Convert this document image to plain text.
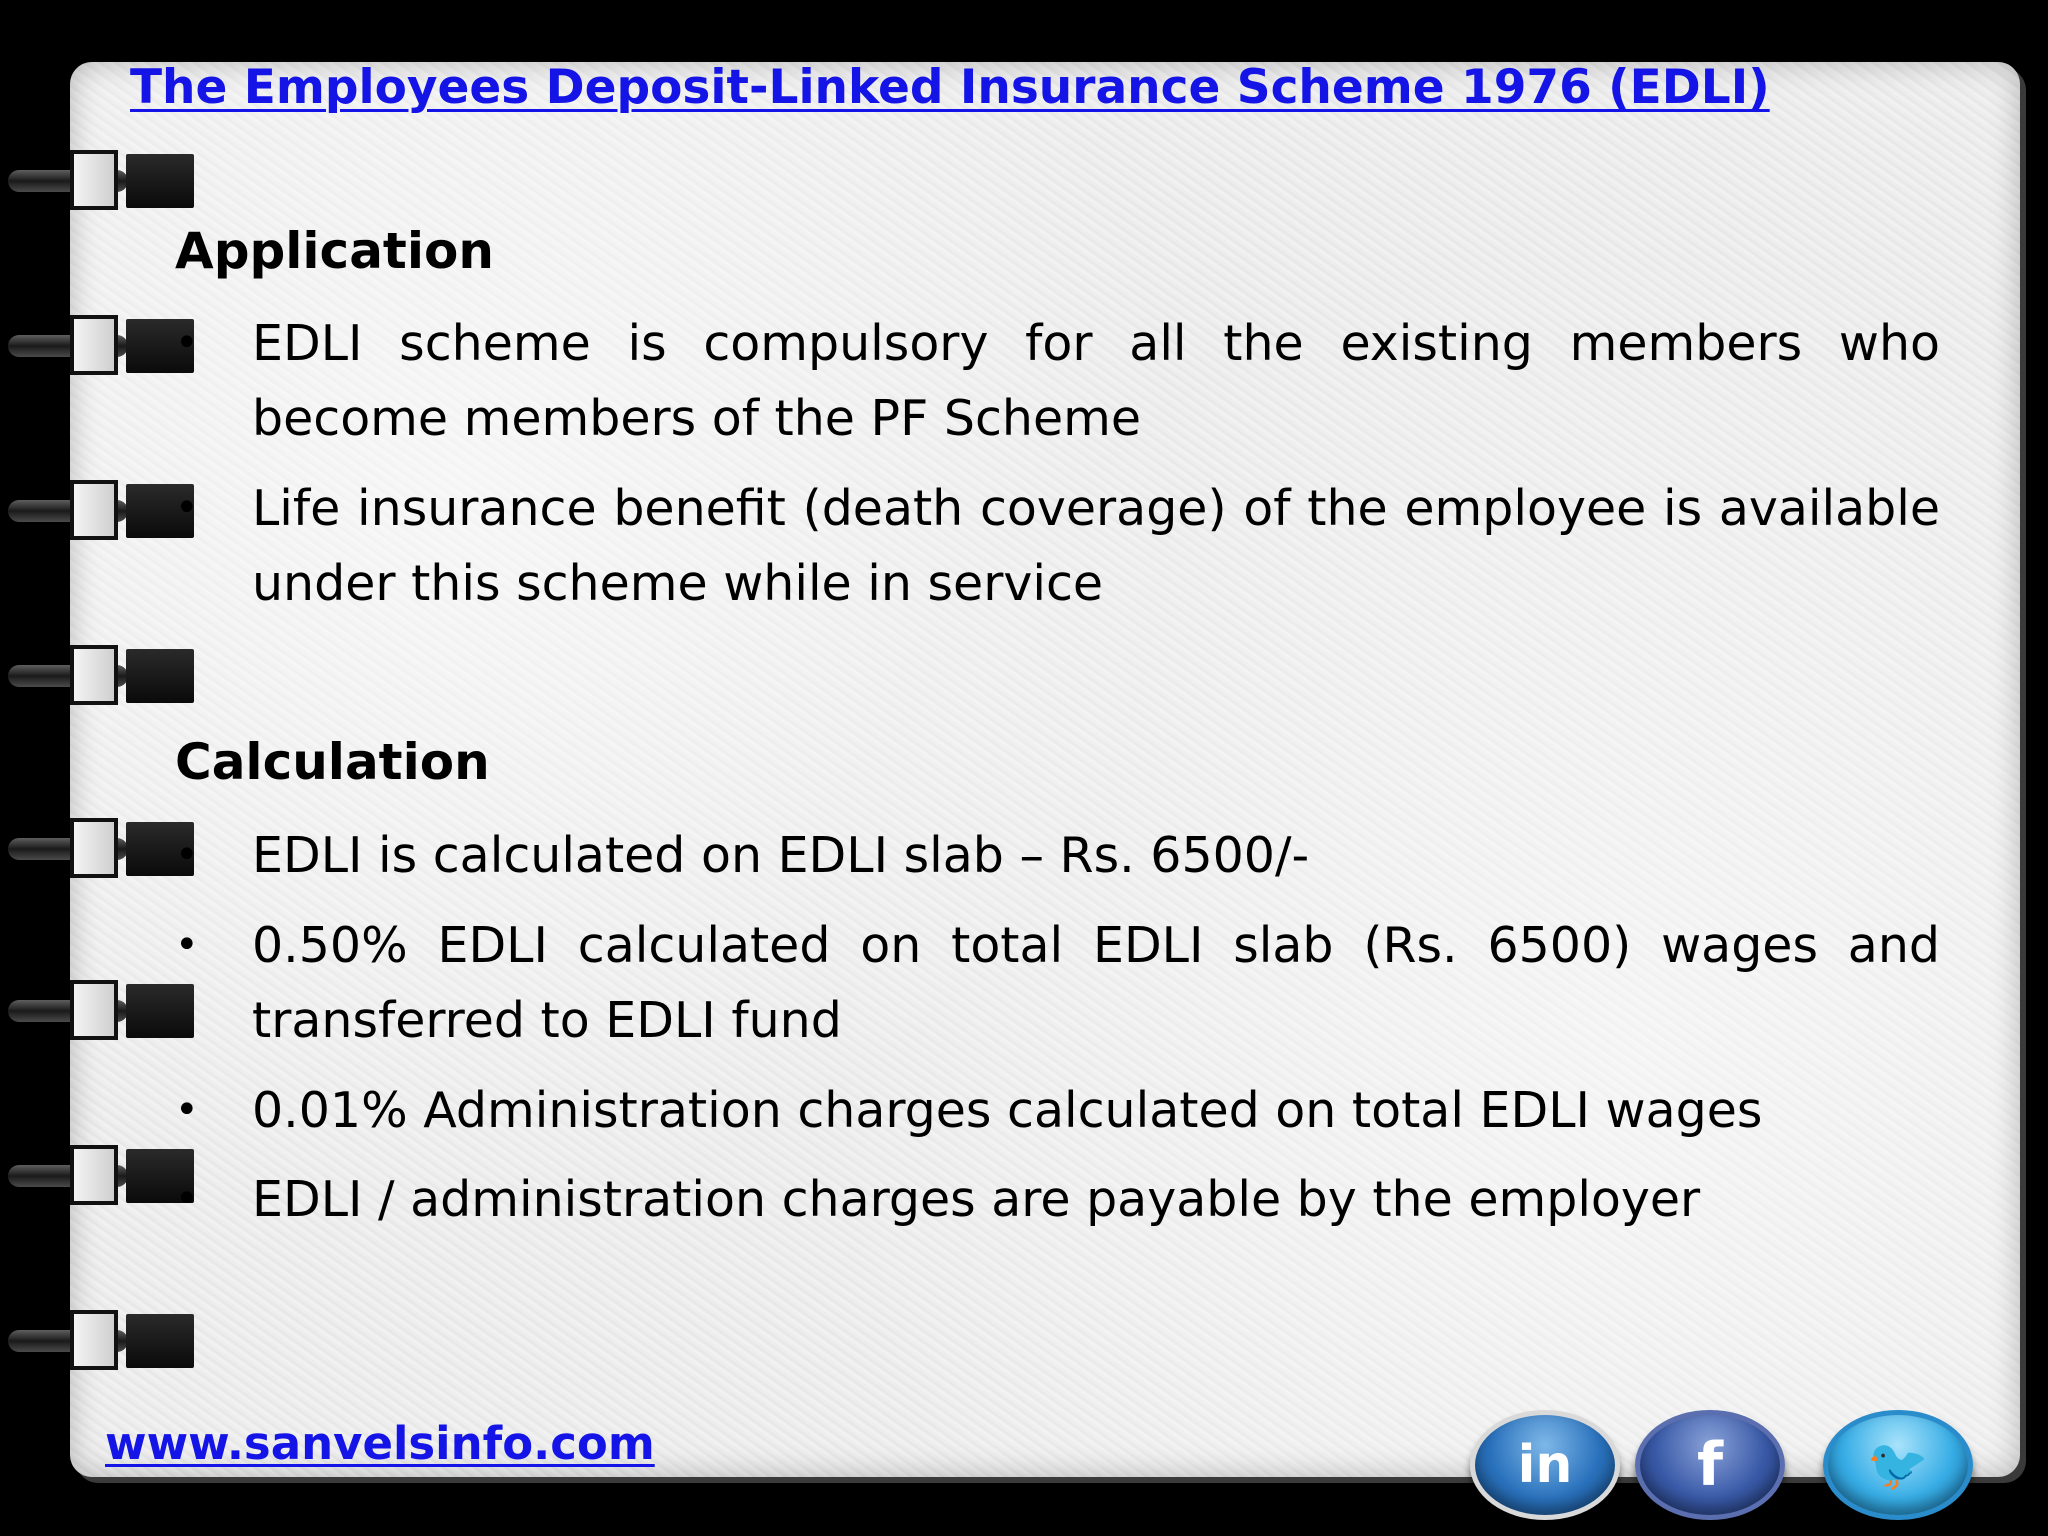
The Employees Deposit-Linked Insurance Scheme 1976 (EDLI)
Application
• EDLI scheme is compulsory for all the existing members who become members of the PF Scheme
• Life insurance benefit (death coverage) of the employee is available under this scheme while in service
Calculation
• EDLI is calculated on EDLI slab – Rs. 6500/-
• 0.50% EDLI calculated on total EDLI slab (Rs. 6500) wages and transferred to EDLI fund
• 0.01% Administration charges calculated on total EDLI wages
• EDLI / administration charges are payable by the employer
www.sanvelsinfo.com	in f	🐦
